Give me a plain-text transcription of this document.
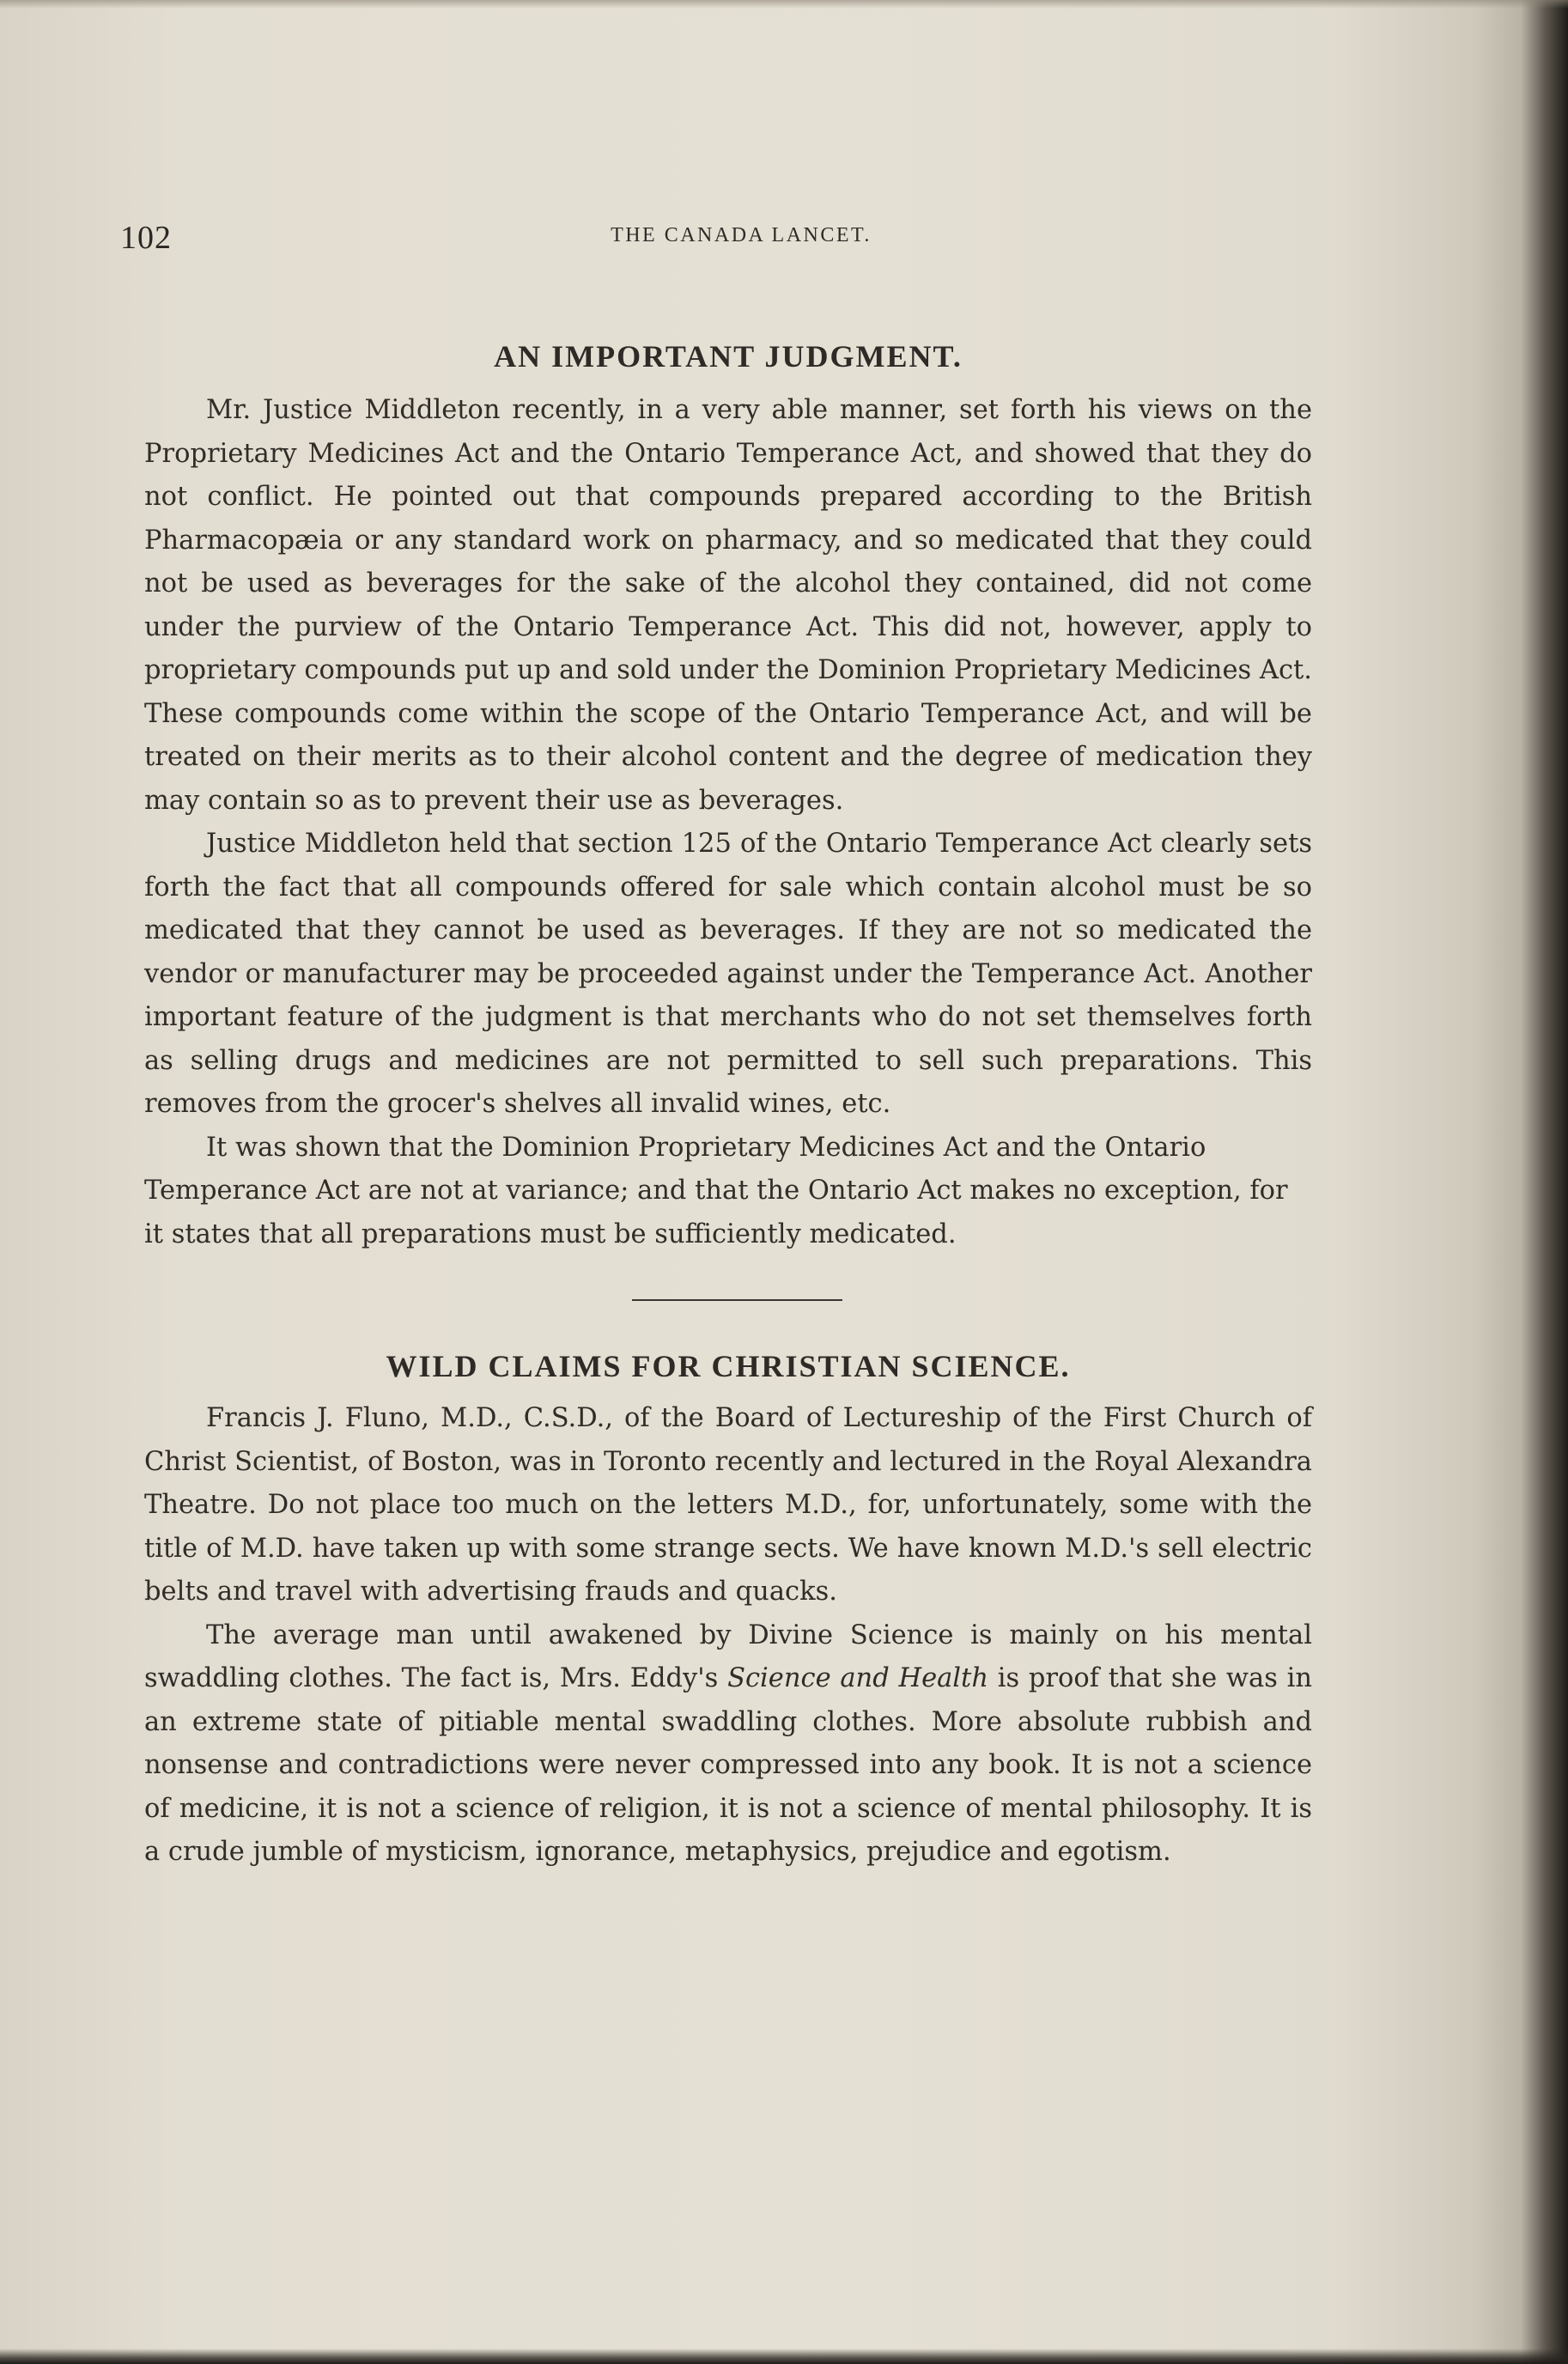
102	THE CANADA LANCET.
AN IMPORTANT JUDGMENT.

Mr. Justice Middleton recently, in a very able manner, set forth his views on the Proprietary Medicines Act and the Ontario Temperance Act, and showed that they do not conflict. He pointed out that compounds prepared according to the British Pharmacopæia or any standard work on pharmacy, and so medicated that they could not be used as beverages for the sake of the alcohol they contained, did not come under the purview of the Ontario Temperance Act. This did not, however, apply to proprietary compounds put up and sold under the Dominion Proprietary Medicines Act. These compounds come within the scope of the Ontario Temperance Act, and will be treated on their merits as to their alcohol content and the degree of medication they may contain so as to prevent their use as beverages.

Justice Middleton held that section 125 of the Ontario Temperance Act clearly sets forth the fact that all compounds offered for sale which contain alcohol must be so medicated that they cannot be used as beverages. If they are not so medicated the vendor or manufacturer may be proceeded against under the Temperance Act. Another important feature of the judgment is that merchants who do not set themselves forth as selling drugs and medicines are not permitted to sell such preparations. This removes from the grocer's shelves all invalid wines, etc.

It was shown that the Dominion Proprietary Medicines Act and the Ontario Temperance Act are not at variance; and that the Ontario Act makes no exception, for it states that all preparations must be sufficiently medicated.

WILD CLAIMS FOR CHRISTIAN SCIENCE.

Francis J. Fluno, M.D., C.S.D., of the Board of Lectureship of the First Church of Christ Scientist, of Boston, was in Toronto recently and lectured in the Royal Alexandra Theatre. Do not place too much on the letters M.D., for, unfortunately, some with the title of M.D. have taken up with some strange sects. We have known M.D.'s sell electric belts and travel with advertising frauds and quacks.

The average man until awakened by Divine Science is mainly on his mental swaddling clothes. The fact is, Mrs. Eddy's Science and Health is proof that she was in an extreme state of pitiable mental swaddling clothes. More absolute rubbish and nonsense and contradictions were never compressed into any book. It is not a science of medicine, it is not a science of religion, it is not a science of mental philosophy. It is a crude jumble of mysticism, ignorance, metaphysics, prejudice and egotism.
